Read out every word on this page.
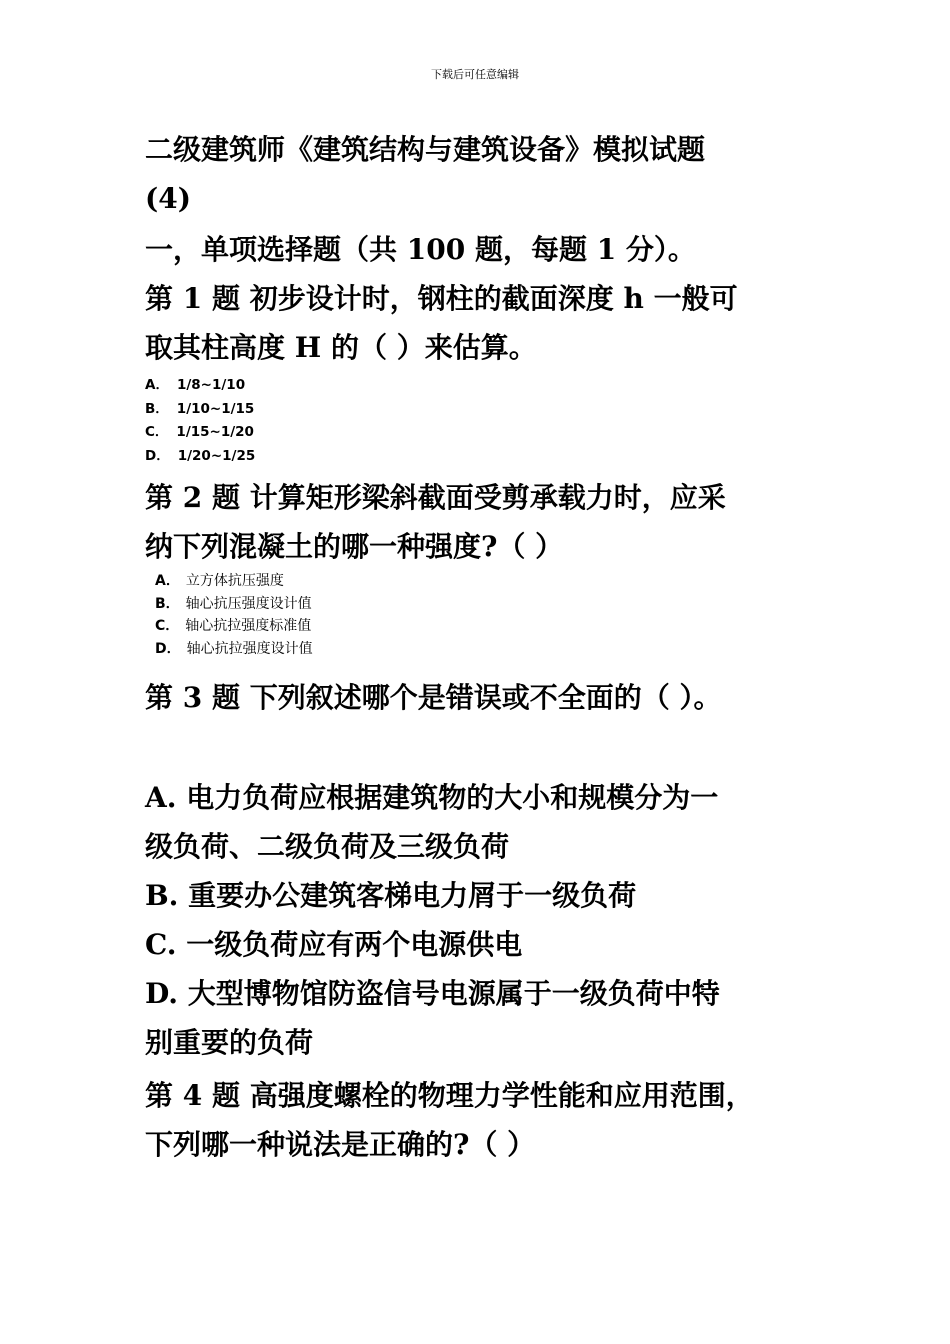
下载后可任意编辑
二级建筑师《建筑结构与建筑设备》模拟试题
(4)
一，单项选择题（共 100 题，每题 1 分）。
第 1 题 初步设计时，钢柱的截面深度 h 一般可
取其柱高度 H 的（ ）来估算。
A． 1/8~1/10
B． 1/10~1/15
C． 1/15~1/20
D． 1/20~1/25
第 2 题 计算矩形梁斜截面受剪承载力时，应采
纳下列混凝土的哪一种强度?（ ）
A． 立方体抗压强度
B． 轴心抗压强度设计值
C． 轴心抗拉强度标准值
D． 轴心抗拉强度设计值
第 3 题 下列叙述哪个是错误或不全面的（ ）。
A. 电力负荷应根据建筑物的大小和规模分为一
级负荷、二级负荷及三级负荷
B. 重要办公建筑客梯电力屑于一级负荷
C. 一级负荷应有两个电源供电
D. 大型博物馆防盗信号电源属于一级负荷中特
别重要的负荷
第 4 题 高强度螺栓的物理力学性能和应用范围，
下列哪一种说法是正确的?（ ）
